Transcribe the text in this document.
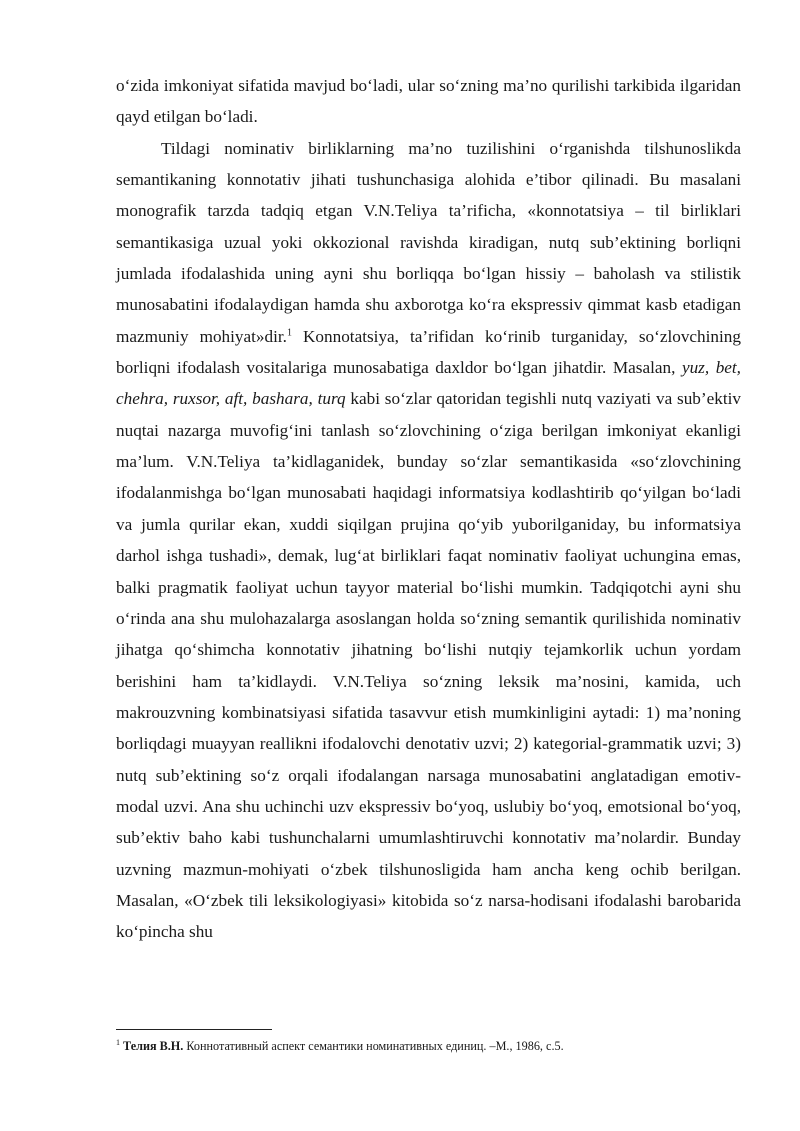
o‘zida imkoniyat sifatida mavjud bo‘ladi, ular so‘zning ma’no qurilishi tarkibida ilgaridan qayd etilgan bo‘ladi.

Tildagi nominativ birliklarning ma’no tuzilishini o‘rganishda tilshunoslikda semantikaning konnotativ jihati tushunchasiga alohida e’tibor qilinadi. Bu masalani monografik tarzda tadqiq etgan V.N.Teliya ta’rificha, «konnotatsiya – til birliklari semantikasiga uzual yoki okkozional ravishda kiradigan, nutq sub’ektining borliqni jumlada ifodalashida uning ayni shu borliqqa bo‘lgan hissiy – baholash va stilistik munosabatini ifodalaydigan hamda shu axborotga ko‘ra ekspressiv qimmat kasb etadigan mazmuniy mohiyat»dir.$^1$ Konnotatsiya, ta’rifidan ko‘rinib turganiday, so‘zlovchining borliqni ifodalash vositalariga munosabatiga daxldor bo‘lgan jihatdir. Masalan, yuz, bet, chehra, ruxsor, aft, bashara, turq kabi so‘zlar qatoridan tegishli nutq vaziyati va sub’ektiv nuqtai nazarga muvofig‘ini tanlash so‘zlovchining o‘ziga berilgan imkoniyat ekanligi ma’lum. V.N.Teliya ta’kidlaganidek, bunday so‘zlar semantikasida «so‘zlovchining ifodalanmishga bo‘lgan munosabati haqidagi informatsiya kodlashtirib qo‘yilgan bo‘ladi va jumla qurilar ekan, xuddi siqilgan prujina qo‘yib yuborilganiday, bu informatsiya darhol ishga tushadi», demak, lug‘at birliklari faqat nominativ faoliyat uchungina emas, balki pragmatik faoliyat uchun tayyor material bo‘lishi mumkin. Tadqiqotchi ayni shu o‘rinda ana shu mulohazalarga asoslangan holda so‘zning semantik qurilishida nominativ jihatga qo‘shimcha konnotativ jihatning bo‘lishi nutqiy tejamkorlik uchun yordam berishini ham ta’kidlaydi. V.N.Teliya so‘zning leksik ma’nosini, kamida, uch makrouzvning kombinatsiyasi sifatida tasavvur etish mumkinligini aytadi: 1) ma’noning borliqdagi muayyan reallikni ifodalovchi denotativ uzvi; 2) kategorial-grammatik uzvi; 3) nutq sub’ektining so‘z orqali ifodalangan narsaga munosabatini anglatadigan emotiv-modal uzvi. Ana shu uchinchi uzv ekspressiv bo‘yoq, uslubiy bo‘yoq, emotsional bo‘yoq, sub’ektiv baho kabi tushunchalarni umumlashtiruvchi konnotativ ma’nolardir. Bunday uzvning mazmun-mohiyati o‘zbek tilshunosligida ham ancha keng ochib berilgan. Masalan, «O‘zbek tili leksikologiyasi» kitobida so‘z narsa-hodisani ifodalashi barobarida ko‘pincha shu

$^1$ Телия В.Н. Коннотативный аспект семантики номинативных единиц. –М., 1986, с.5.
